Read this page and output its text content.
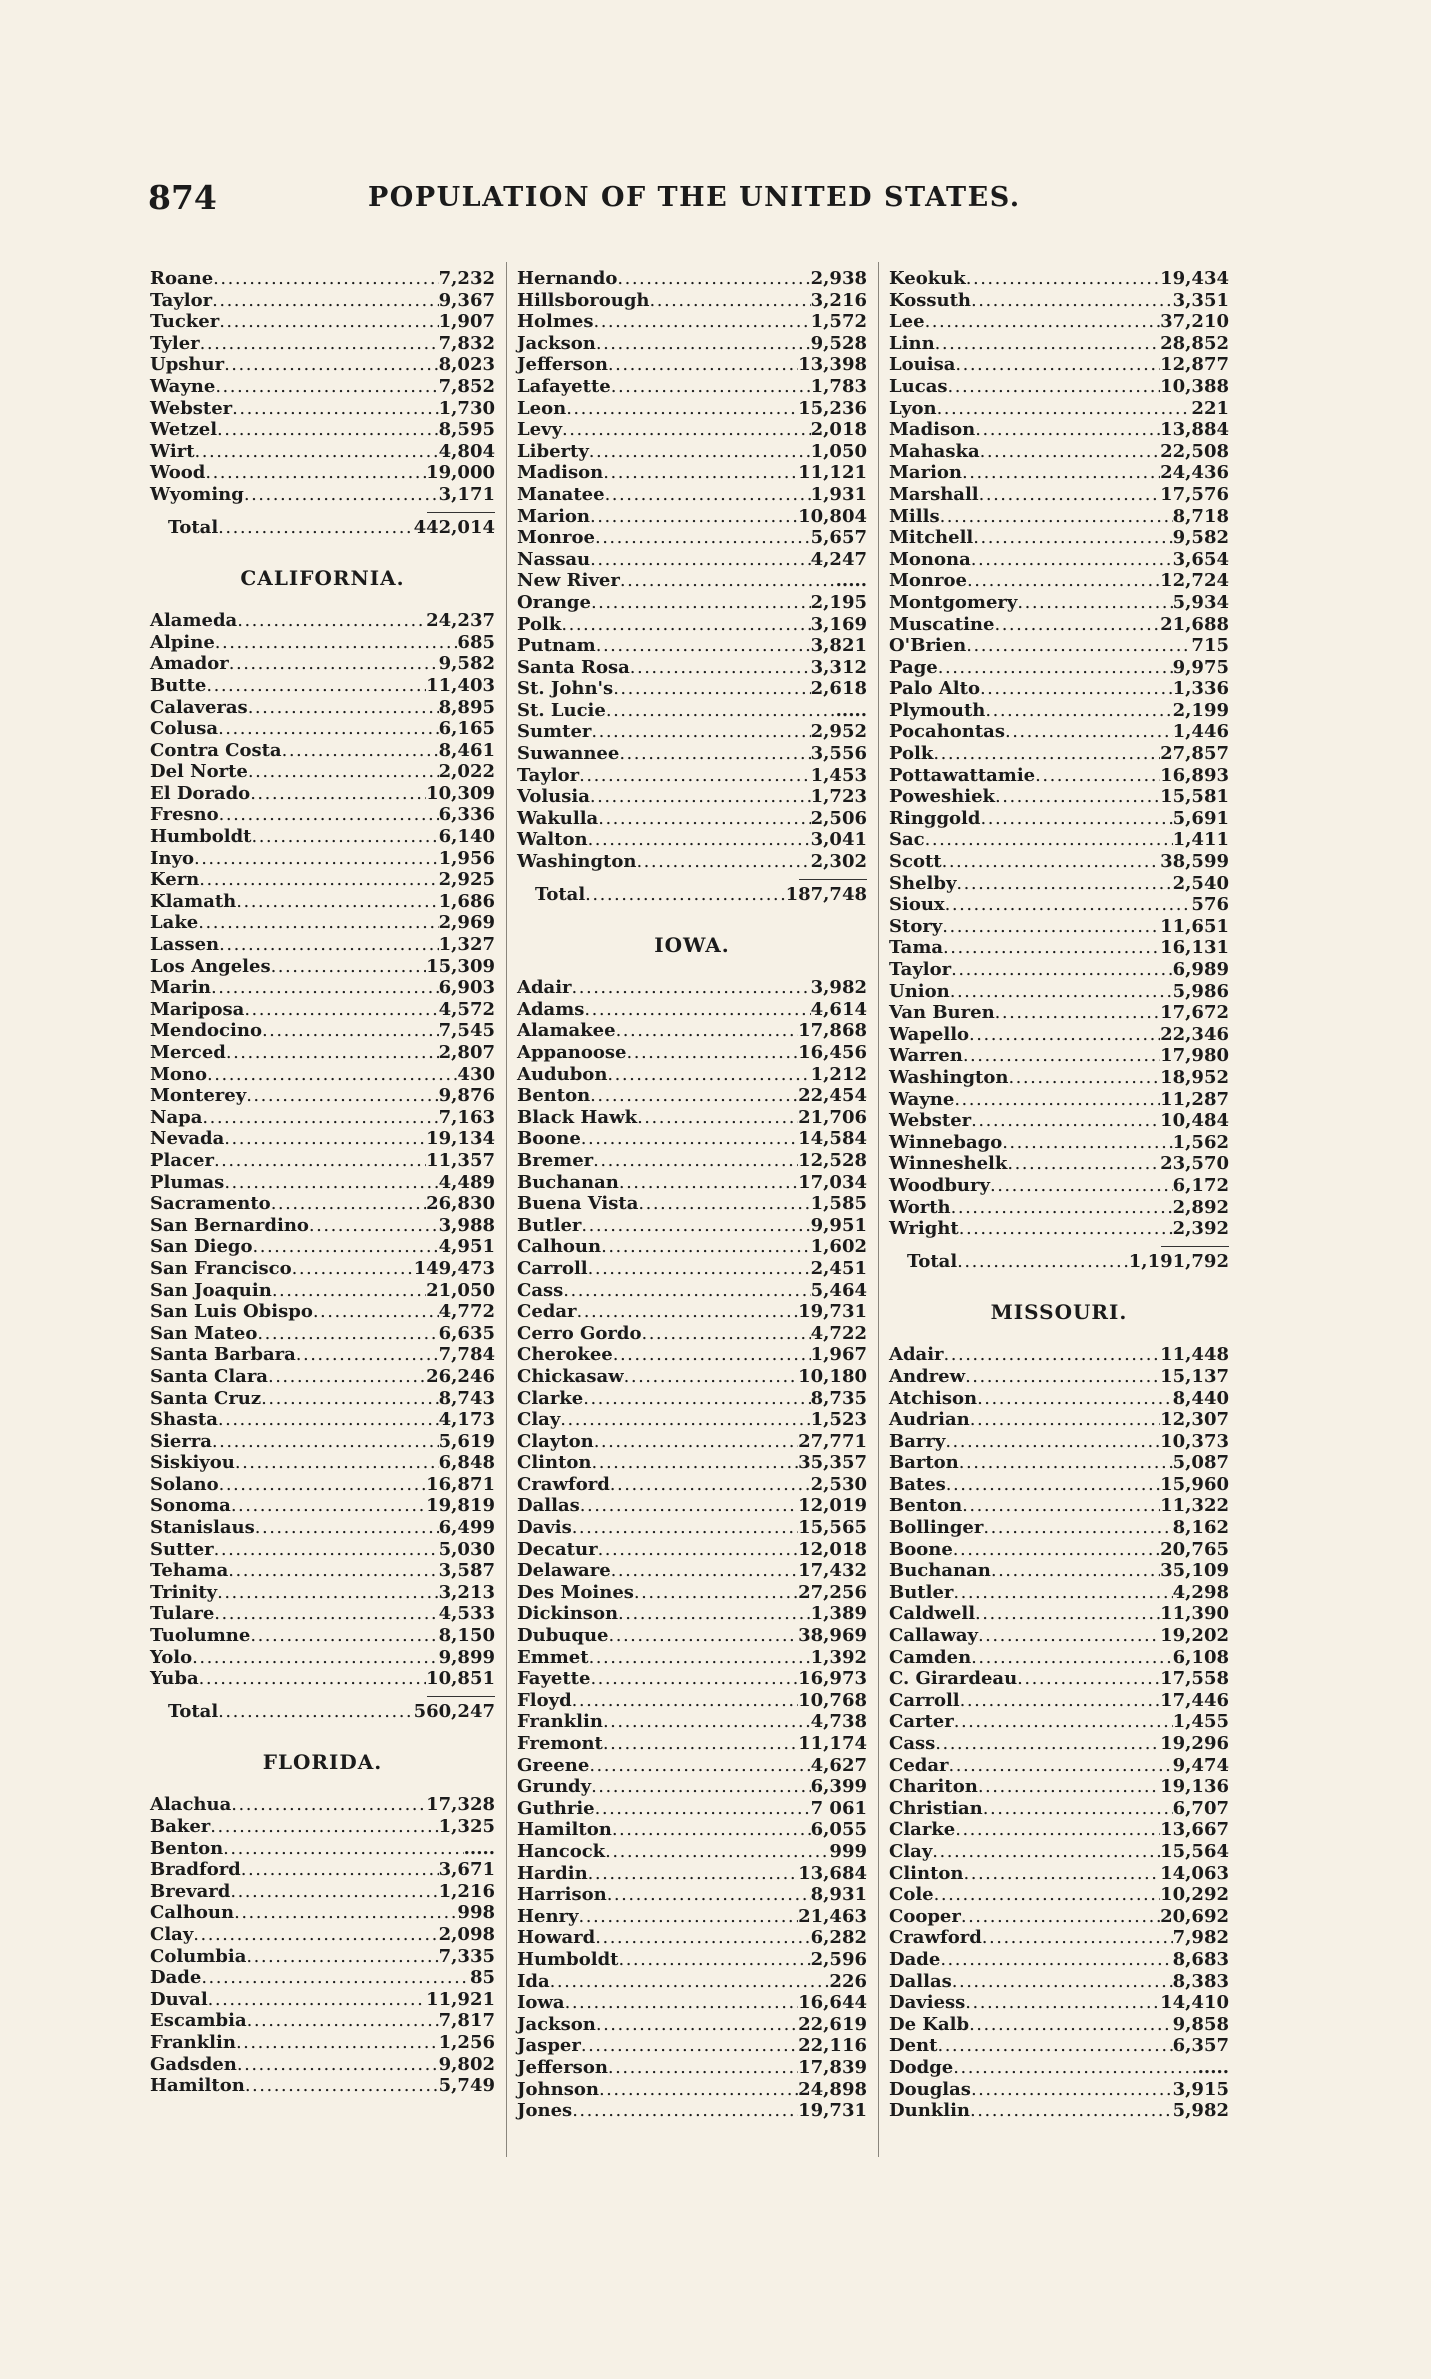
874	POPULATION OF THE UNITED STATES.
Roane .....	7,232
Taylor .....	9,367
Tucker .....	1,907
Tyler .....	7,832
Upshur .....	8,023
Wayne .....	7,852
Webster .....	1,730
Wetzel .....	8,595
Wirt .....	4,804
Wood .....	19,000
Wyoming .....	3,171
Total .....	442,014
CALIFORNIA.
Alameda .....	24,237
Alpine .....	685
Amador .....	9,582
Butte .....	11,403
Calaveras .....	8,895
Colusa .....	6,165
Contra Costa .....	8,461
Del Norte .....	2,022
El Dorado .....	10,309
Fresno .....	6,336
Humboldt .....	6,140
Inyo .....	1,956
Kern .....	2,925
Klamath .....	1,686
Lake .....	2,969
Lassen .....	1,327
Los Angeles .....	15,309
Marin .....	6,903
Mariposa .....	4,572
Mendocino .....	7,545
Merced .....	2,807
Mono .....	430
Monterey .....	9,876
Napa .....	7,163
Nevada .....	19,134
Placer .....	11,357
Plumas .....	4,489
Sacramento .....	26,830
San Bernardino .....	3,988
San Diego .....	4,951
San Francisco .....	149,473
San Joaquin .....	21,050
San Luis Obispo .....	4,772
San Mateo .....	6,635
Santa Barbara .....	7,784
Santa Clara .....	26,246
Santa Cruz .....	8,743
Shasta .....	4,173
Sierra .....	5,619
Siskiyou .....	6,848
Solano .....	16,871
Sonoma .....	19,819
Stanislaus .....	6,499
Sutter .....	5,030
Tehama .....	3,587
Trinity .....	3,213
Tulare .....	4,533
Tuolumne .....	8,150
Yolo .....	9,899
Yuba .....	10,851
Total .....	560,247
FLORIDA.
Alachua .....	17,328
Baker .....	1,325
Benton .....	.....
Bradford .....	3,671
Brevard .....	1,216
Calhoun .....	998
Clay .....	2,098
Columbia .....	7,335
Dade .....	85
Duval .....	11,921
Escambia .....	7,817
Franklin .....	1,256
Gadsden .....	9,802
Hamilton .....	5,749
Hernando .....	2,938
Hillsborough .....	3,216
Holmes .....	1,572
Jackson .....	9,528
Jefferson .....	13,398
Lafayette .....	1,783
Leon .....	15,236
Levy .....	2,018
Liberty .....	1,050
Madison .....	11,121
Manatee .....	1,931
Marion .....	10,804
Monroe .....	5,657
Nassau .....	4,247
New River .....	.....
Orange .....	2,195
Polk .....	3,169
Putnam .....	3,821
Santa Rosa .....	3,312
St. John's .....	2,618
St. Lucie .....	.....
Sumter .....	2,952
Suwannee .....	3,556
Taylor .....	1,453
Volusia .....	1,723
Wakulla .....	2,506
Walton .....	3,041
Washington .....	2,302
Total .....	187,748
IOWA.
Adair .....	3,982
Adams .....	4,614
Alamakee .....	17,868
Appanoose .....	16,456
Audubon .....	1,212
Benton .....	22,454
Black Hawk .....	21,706
Boone .....	14,584
Bremer .....	12,528
Buchanan .....	17,034
Buena Vista .....	1,585
Butler .....	9,951
Calhoun .....	1,602
Carroll .....	2,451
Cass .....	5,464
Cedar .....	19,731
Cerro Gordo .....	4,722
Cherokee .....	1,967
Chickasaw .....	10,180
Clarke .....	8,735
Clay .....	1,523
Clayton .....	27,771
Clinton .....	35,357
Crawford .....	2,530
Dallas .....	12,019
Davis .....	15,565
Decatur .....	12,018
Delaware .....	17,432
Des Moines .....	27,256
Dickinson .....	1,389
Dubuque .....	38,969
Emmet .....	1,392
Fayette .....	16,973
Floyd .....	10,768
Franklin .....	4,738
Fremont .....	11,174
Greene .....	4,627
Grundy .....	6,399
Guthrie .....	7 061
Hamilton .....	6,055
Hancock .....	999
Hardin .....	13,684
Harrison .....	8,931
Henry .....	21,463
Howard .....	6,282
Humboldt .....	2,596
Ida .....	226
Iowa .....	16,644
Jackson .....	22,619
Jasper .....	22,116
Jefferson .....	17,839
Johnson .....	24,898
Jones .....	19,731
Keokuk .....	19,434
Kossuth .....	3,351
Lee .....	37,210
Linn .....	28,852
Louisa .....	12,877
Lucas .....	10,388
Lyon .....	221
Madison .....	13,884
Mahaska .....	22,508
Marion .....	24,436
Marshall .....	17,576
Mills .....	8,718
Mitchell .....	9,582
Monona .....	3,654
Monroe .....	12,724
Montgomery .....	5,934
Muscatine .....	21,688
O'Brien .....	715
Page .....	9,975
Palo Alto .....	1,336
Plymouth .....	2,199
Pocahontas .....	1,446
Polk .....	27,857
Pottawattamie .....	16,893
Poweshiek .....	15,581
Ringgold .....	5,691
Sac .....	1,411
Scott .....	38,599
Shelby .....	2,540
Sioux .....	576
Story .....	11,651
Tama .....	16,131
Taylor .....	6,989
Union .....	5,986
Van Buren .....	17,672
Wapello .....	22,346
Warren .....	17,980
Washington .....	18,952
Wayne .....	11,287
Webster .....	10,484
Winnebago .....	1,562
Winneshelk .....	23,570
Woodbury .....	6,172
Worth .....	2,892
Wright .....	2,392
Total .....	1,191,792
MISSOURI.
Adair .....	11,448
Andrew .....	15,137
Atchison .....	8,440
Audrian .....	12,307
Barry .....	10,373
Barton .....	5,087
Bates .....	15,960
Benton .....	11,322
Bollinger .....	8,162
Boone .....	20,765
Buchanan .....	35,109
Butler .....	4,298
Caldwell .....	11,390
Callaway .....	19,202
Camden .....	6,108
C. Girardeau .....	17,558
Carroll .....	17,446
Carter .....	1,455
Cass .....	19,296
Cedar .....	9,474
Chariton .....	19,136
Christian .....	6,707
Clarke .....	13,667
Clay .....	15,564
Clinton .....	14,063
Cole .....	10,292
Cooper .....	20,692
Crawford .....	7,982
Dade .....	8,683
Dallas .....	8,383
Daviess .....	14,410
De Kalb .....	9,858
Dent .....	6,357
Dodge .....	.....
Douglas .....	3,915
Dunklin .....	5,982
